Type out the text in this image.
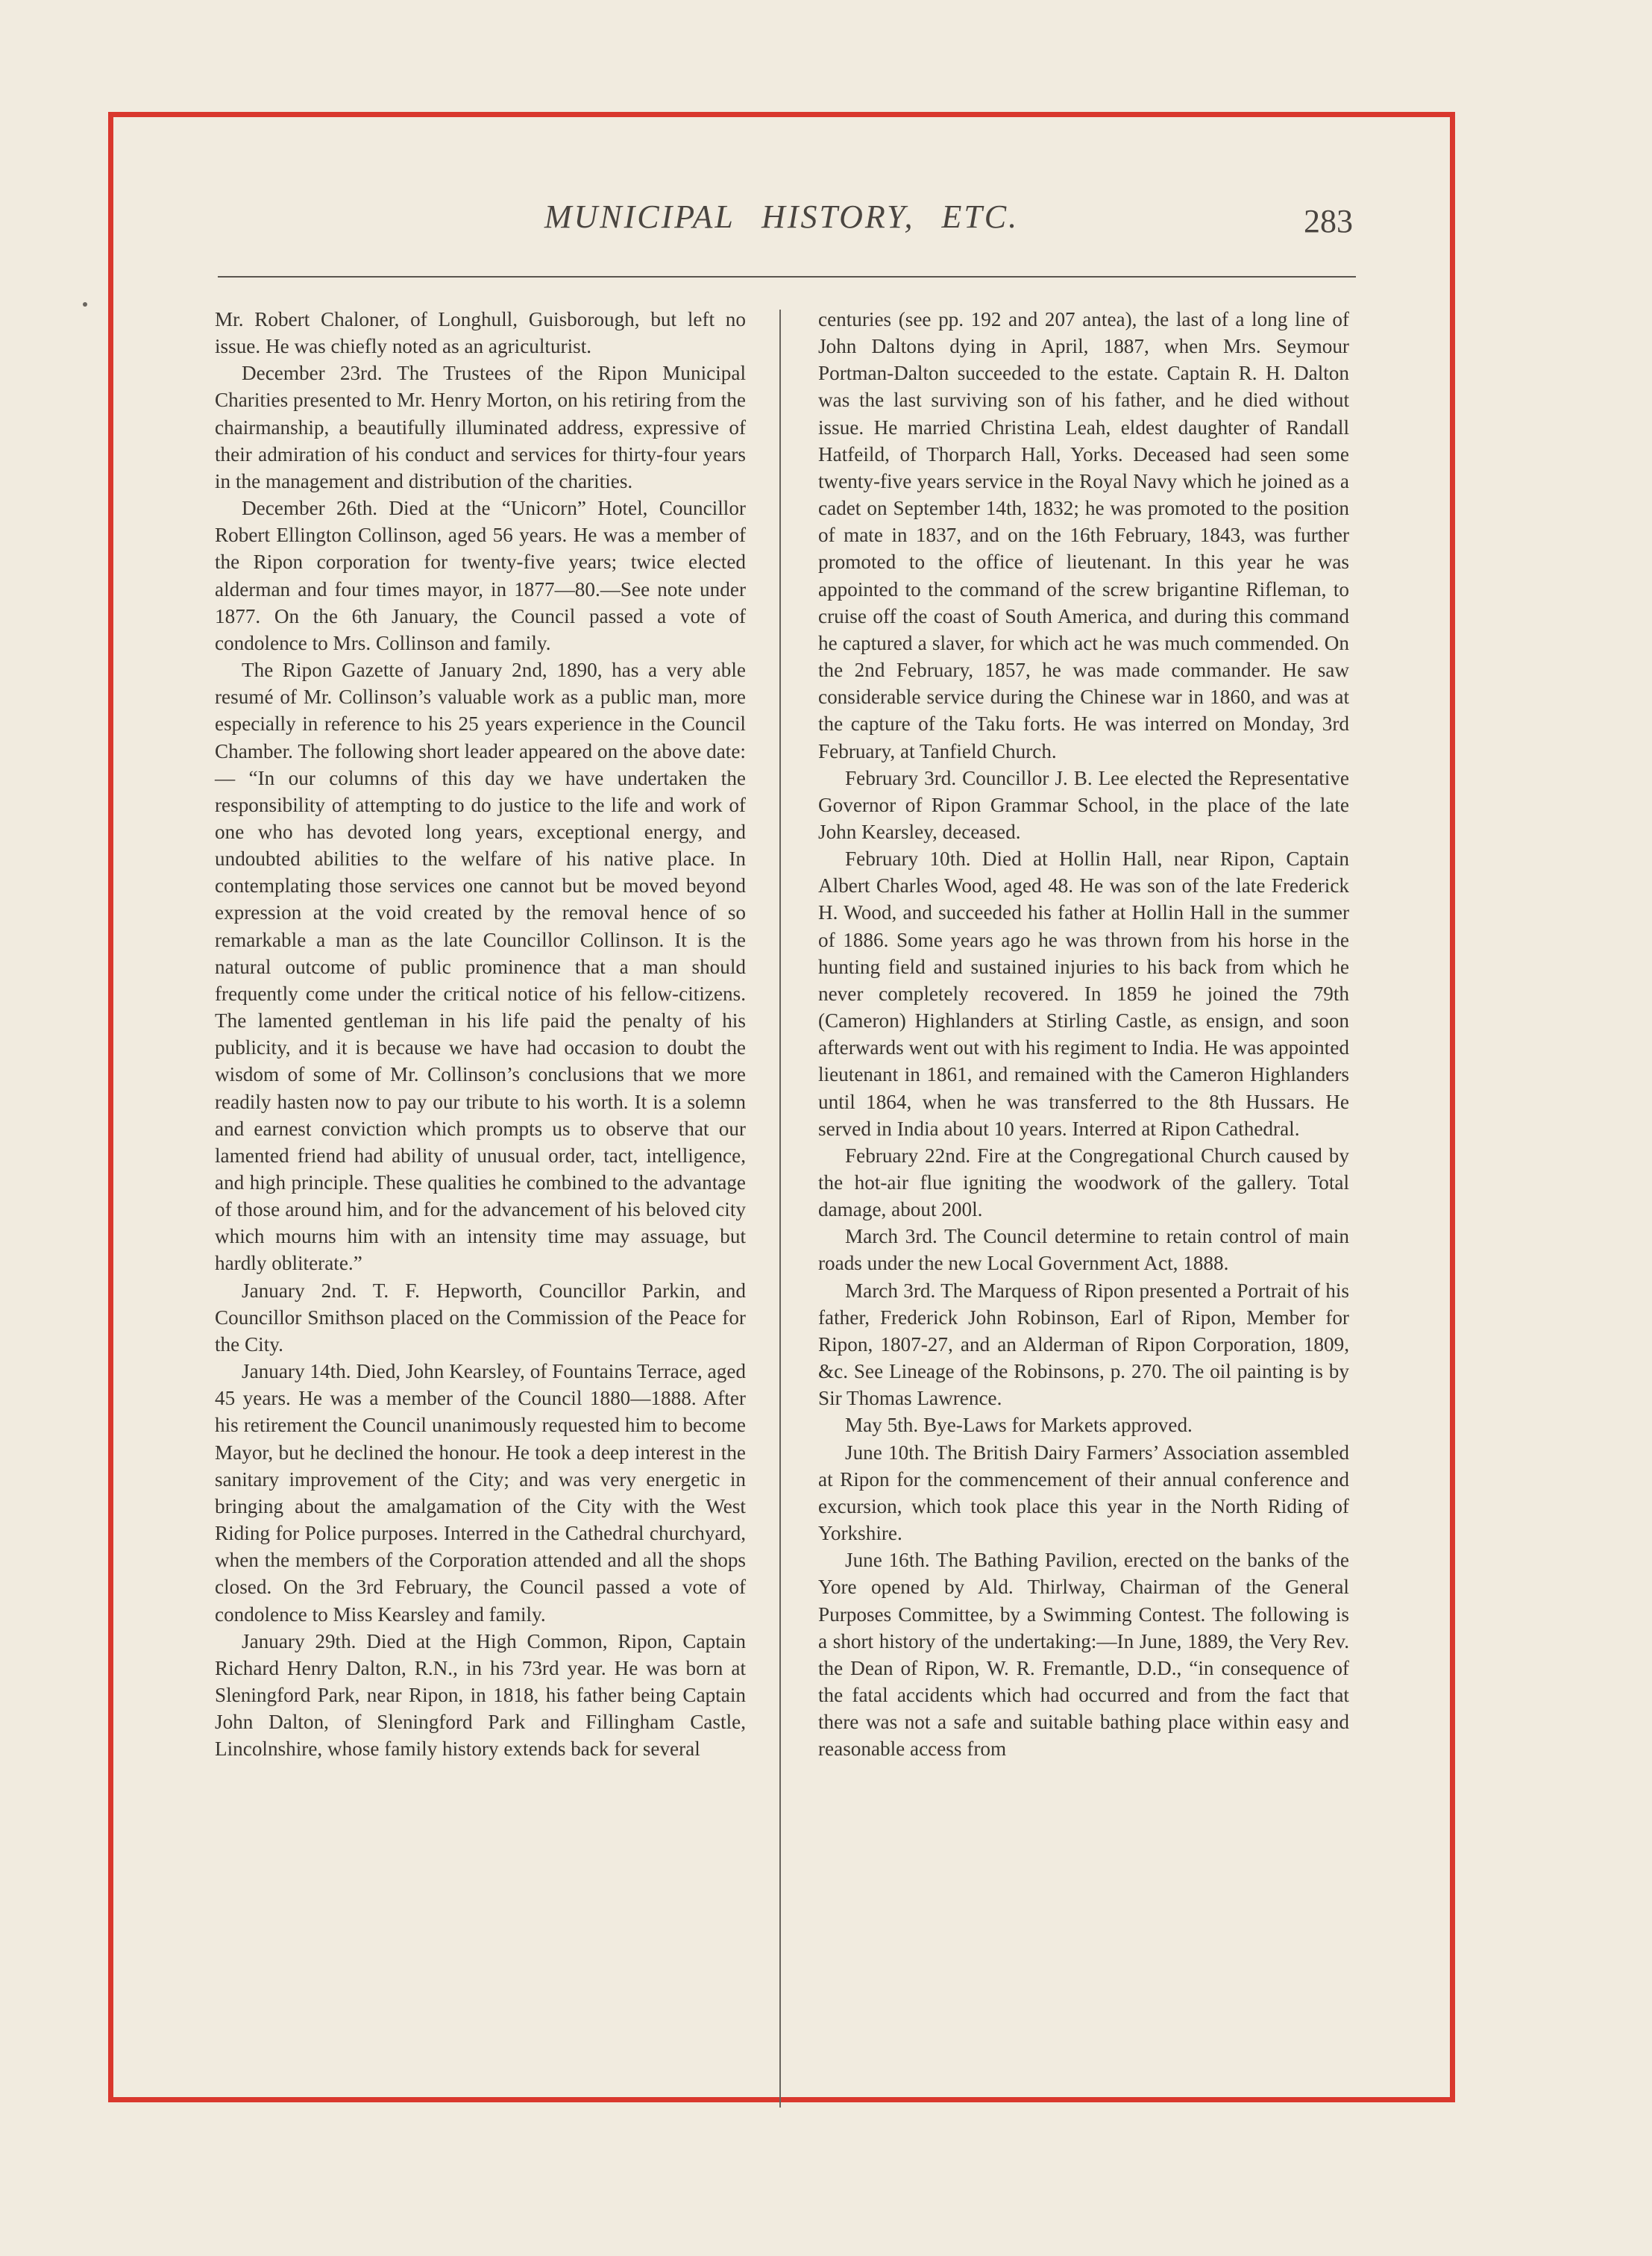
MUNICIPAL HISTORY, ETC.	283

Mr. Robert Chaloner, of Longhull, Guisborough, but left no issue. He was chiefly noted as an agriculturist.

December 23rd. The Trustees of the Ripon Municipal Charities presented to Mr. Henry Morton, on his retiring from the chairmanship, a beautifully illuminated address, expressive of their admiration of his conduct and services for thirty-four years in the management and distribution of the charities.

December 26th. Died at the “Unicorn” Hotel, Councillor Robert Ellington Collinson, aged 56 years. He was a member of the Ripon corporation for twenty-five years; twice elected alderman and four times mayor, in 1877—80.—See note under 1877. On the 6th January, the Council passed a vote of condolence to Mrs. Collinson and family.

The Ripon Gazette of January 2nd, 1890, has a very able resumé of Mr. Collinson’s valuable work as a public man, more especially in reference to his 25 years experience in the Council Chamber. The following short leader appeared on the above date:— “In our columns of this day we have undertaken the responsibility of attempting to do justice to the life and work of one who has devoted long years, exceptional energy, and undoubted abilities to the welfare of his native place. In contemplating those services one cannot but be moved beyond expression at the void created by the removal hence of so remarkable a man as the late Councillor Collinson. It is the natural outcome of public prominence that a man should frequently come under the critical notice of his fellow-citizens. The lamented gentleman in his life paid the penalty of his publicity, and it is because we have had occasion to doubt the wisdom of some of Mr. Collinson’s conclusions that we more readily hasten now to pay our tribute to his worth. It is a solemn and earnest conviction which prompts us to observe that our lamented friend had ability of unusual order, tact, intelligence, and high principle. These qualities he combined to the advantage of those around him, and for the advancement of his beloved city which mourns him with an intensity time may assuage, but hardly obliterate.”

January 2nd. T. F. Hepworth, Councillor Parkin, and Councillor Smithson placed on the Commission of the Peace for the City.

January 14th. Died, John Kearsley, of Fountains Terrace, aged 45 years. He was a member of the Council 1880—1888. After his retirement the Council unanimously requested him to become Mayor, but he declined the honour. He took a deep interest in the sanitary improvement of the City; and was very energetic in bringing about the amalgamation of the City with the West Riding for Police purposes. Interred in the Cathedral churchyard, when the members of the Corporation attended and all the shops closed. On the 3rd February, the Council passed a vote of condolence to Miss Kearsley and family.

January 29th. Died at the High Common, Ripon, Captain Richard Henry Dalton, R.N., in his 73rd year. He was born at Sleningford Park, near Ripon, in 1818, his father being Captain John Dalton, of Sleningford Park and Fillingham Castle, Lincolnshire, whose family history extends back for several

centuries (see pp. 192 and 207 antea), the last of a long line of John Daltons dying in April, 1887, when Mrs. Seymour Portman-Dalton succeeded to the estate. Captain R. H. Dalton was the last surviving son of his father, and he died without issue. He married Christina Leah, eldest daughter of Randall Hatfeild, of Thorparch Hall, Yorks. Deceased had seen some twenty-five years service in the Royal Navy which he joined as a cadet on September 14th, 1832; he was promoted to the position of mate in 1837, and on the 16th February, 1843, was further promoted to the office of lieutenant. In this year he was appointed to the command of the screw brigantine Rifleman, to cruise off the coast of South America, and during this command he captured a slaver, for which act he was much commended. On the 2nd February, 1857, he was made commander. He saw considerable service during the Chinese war in 1860, and was at the capture of the Taku forts. He was interred on Monday, 3rd February, at Tanfield Church.

February 3rd. Councillor J. B. Lee elected the Representative Governor of Ripon Grammar School, in the place of the late John Kearsley, deceased.

February 10th. Died at Hollin Hall, near Ripon, Captain Albert Charles Wood, aged 48. He was son of the late Frederick H. Wood, and succeeded his father at Hollin Hall in the summer of 1886. Some years ago he was thrown from his horse in the hunting field and sustained injuries to his back from which he never completely recovered. In 1859 he joined the 79th (Cameron) Highlanders at Stirling Castle, as ensign, and soon afterwards went out with his regiment to India. He was appointed lieutenant in 1861, and remained with the Cameron Highlanders until 1864, when he was transferred to the 8th Hussars. He served in India about 10 years. Interred at Ripon Cathedral.

February 22nd. Fire at the Congregational Church caused by the hot-air flue igniting the woodwork of the gallery. Total damage, about 200l.

March 3rd. The Council determine to retain control of main roads under the new Local Government Act, 1888.

March 3rd. The Marquess of Ripon presented a Portrait of his father, Frederick John Robinson, Earl of Ripon, Member for Ripon, 1807-27, and an Alderman of Ripon Corporation, 1809, &c. See Lineage of the Robinsons, p. 270. The oil painting is by Sir Thomas Lawrence.

May 5th. Bye-Laws for Markets approved.

June 10th. The British Dairy Farmers’ Association assembled at Ripon for the commencement of their annual conference and excursion, which took place this year in the North Riding of Yorkshire.

June 16th. The Bathing Pavilion, erected on the banks of the Yore opened by Ald. Thirlway, Chairman of the General Purposes Committee, by a Swimming Contest. The following is a short history of the undertaking:—In June, 1889, the Very Rev. the Dean of Ripon, W. R. Fremantle, D.D., “in consequence of the fatal accidents which had occurred and from the fact that there was not a safe and suitable bathing place within easy and reasonable access from
